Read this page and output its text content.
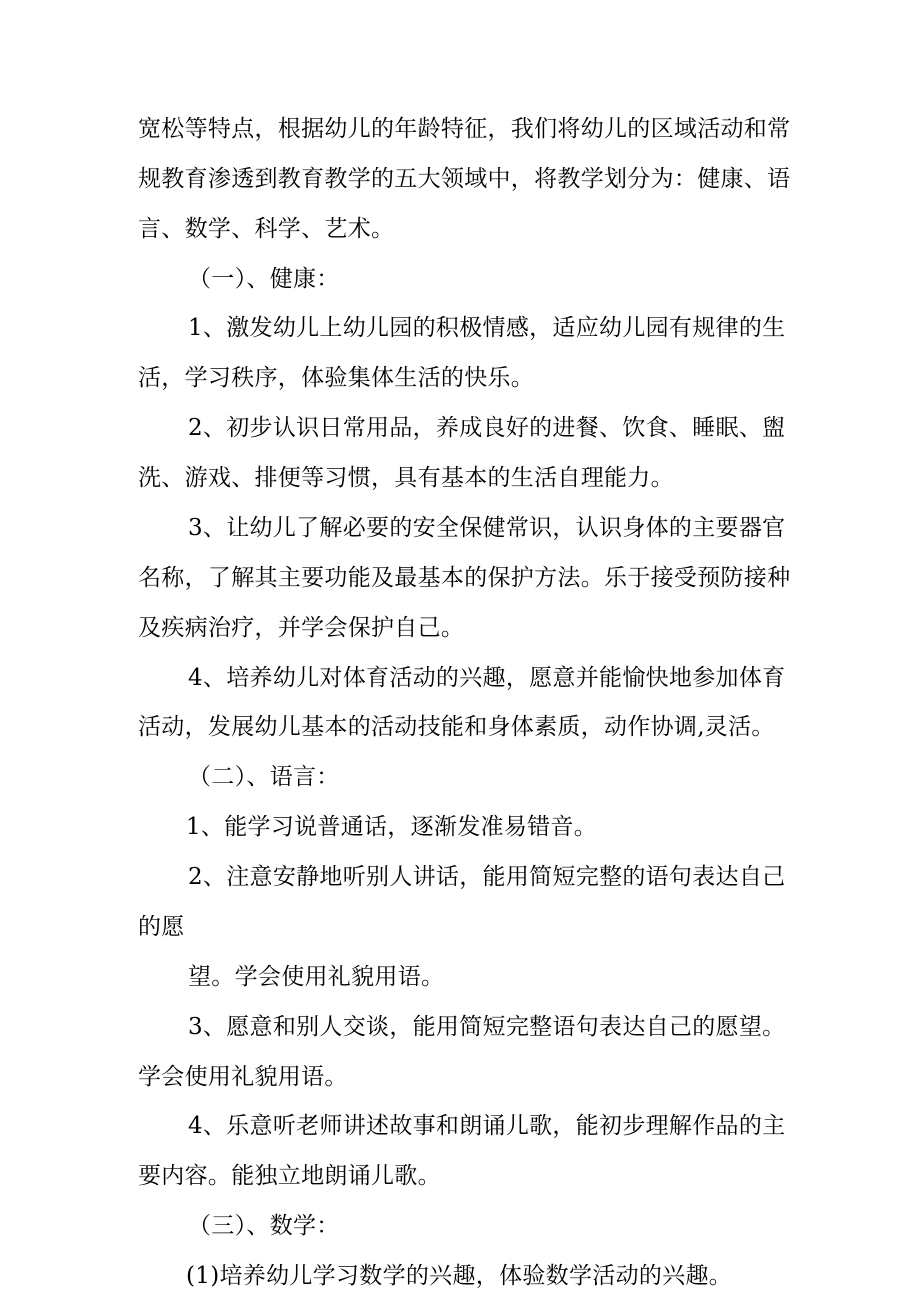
宽松等特点，根据幼儿的年龄特征，我们将幼儿的区域活动和常
规教育渗透到教育教学的五大领域中，将教学划分为：健康、语
言、数学、科学、艺术。
（一）、健康：
1、激发幼儿上幼儿园的积极情感，适应幼儿园有规律的生
活，学习秩序，体验集体生活的快乐。
2、初步认识日常用品，养成良好的进餐、饮食、睡眠、盥
洗、游戏、排便等习惯，具有基本的生活自理能力。
3、让幼儿了解必要的安全保健常识，认识身体的主要器官
名称，了解其主要功能及最基本的保护方法。乐于接受预防接种
及疾病治疗，并学会保护自己。
4、培养幼儿对体育活动的兴趣，愿意并能愉快地参加体育
活动，发展幼儿基本的活动技能和身体素质，动作协调,灵活。
（二）、语言：
1、能学习说普通话，逐渐发准易错音。
2、注意安静地听别人讲话，能用简短完整的语句表达自己
的愿
望。学会使用礼貌用语。
3、愿意和别人交谈，能用简短完整语句表达自己的愿望。
学会使用礼貌用语。
4、乐意听老师讲述故事和朗诵儿歌，能初步理解作品的主
要内容。能独立地朗诵儿歌。
（三）、数学：
(1)培养幼儿学习数学的兴趣，体验数学活动的兴趣。
